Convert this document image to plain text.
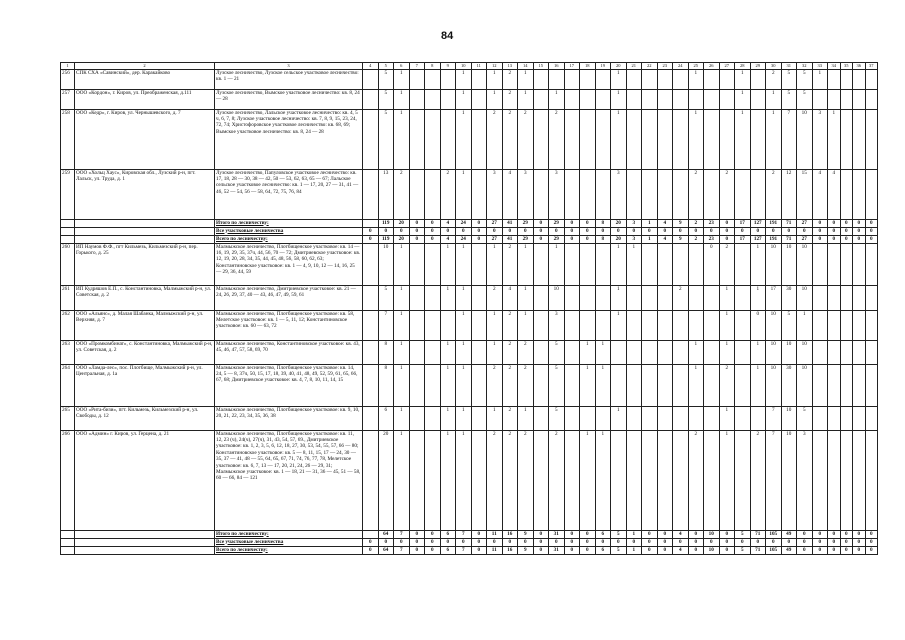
84
1	2	3	4	5	6	7	8	9	10	11	12	13	14	15	16	17	18	19	20	21	22	23	24	25	26	27	28	29	30	31	32	33	34	35	36	37	
256	СПК СХА «Савинский», дер. Каракайково	Лузское лесничество, Лузское сельское участковое лесничество: кв. 1 — 21		5	1				1		1	2	1						1					1			1		2	5	5	1						
257	ООО «Кордон», г. Киров, ул. Преображенская, д.111	Лузское лесничество, Вымское участковое лесничество: кв. 8, 24 — 28		5	1				1		1	2	1		1				1								1		1	5	5							
258	ООО «Кедр», г. Киров, ул. Чернышевского, д. 7	Лузское лесничество, Лальское участковое лесничество: кв. 4, 5 ч, 6, 7, 8; Лузское участковое лесничество: кв. 7, 8, 9, 15, 23, 24, 72, 74; Христофоровское участковое лесничество: кв. 68, 69; Вымское участковое лесничество: кв. 8, 24 — 28		5	1				1		2	2	2		2				1					1			1		1	7	10	3	1					
259	ООО «Хольц Хаус», Кировская обл., Лузский р-н, пгт. Лальск, ул. Труда, д. 1	Лузское лесничество, Папуловское участковое лесничество: кв. 17, 18, 28 — 30, 38 — 42, 50 — 53, 62, 63, 65 — 67; Лальское сельское участковое лесничество: кв. 1 — 17, 20, 27 — 31, 41 — 46, 52 — 54, 56 — 58, 64, 72, 75, 76, 84		13	2			2	1		3	4	3		3				3					2		2			2	12	15	4	4					
		Итого по лесничеству:		119	20	0	0	4	24	0	27	41	29	0	29	0	0	8	20	3	1	4	9	2	23	0	17	127	191	71	27	0	0	0	0	0	
		Все участковые лесничества	0	0	0	0	0	0	0	0	0	0	0	0	0	0	0	0	0	0	0	0	0	0	0	0	0	0	0	0	0	0	0	0	0	0	
		Всего по лесничеству:	0	119	20	0	0	4	24	0	27	41	29	0	29	0	0	8	20	3	1	4	9	2	23	0	17	127	191	71	27	0	0	0	0	0	
260	ИП Наумов Ф.Ф., пгт Кильмезь, Кильмезский р-н, пер. Горького, д. 25	Малмыжское лесничество, Плотбищенское участковое: кв. 14 — 16, 19, 29, 35, 37ч, 44, 56, 70 — 72; Дмитриевское участковое: кв. 12, 19, 20, 28, 34, 35, 44, 45, 48, 56, 58, 60, 62, 63; Константиновское участковое: кв. 1 — 4, 9, 10, 12 — 14, 16, 25 — 29, 36, 44, 59		10	1			1	1		1	2	1		1				1	1					0	2		1	10	10	10						
261	ИП Кудряшов Е.П., с. Константиновка, Малмыжский р-н, ул. Советская, д. 2	Малмыжское лесничество, Дмитриевское участковое: кв. 21 — 24, 26, 29, 37, 40 — 43, 46, 47, 49, 59, 61		5	1			1	1		2	4	1		10				1				2			1		1	17	30	10						
262	ООО «Альянс», д. Малая Шабанка, Малмыжский р-н, ул. Верхняя, д. 7	Малмыжское лесничество, Плотбищенское участковое: кв. 58, Мелетское участковое: кв. 1 — 5, 11, 12; Константиновское участковое: кв. 60 — 63, 72		7	1				1		1	2	1		3				1							1		0	10	5	1						
263	ООО «Промкомбинат», с. Константиновка, Малмыжский р-н, ул. Советская, д. 2	Малмыжское лесничество, Константиновское участковое: кв. 43, 45, 46, 47, 57, 58, 69, 70		8	1			1	1		1	2	2		5		1	1						1		1		1	10	10	10						
264	ООО «Ламда-лес», пос. Плотбище, Малмыжский р-н, ул. Центральная, д. 1а	Малмыжское лесничество, Плотбищенское участковое: кв. 14, 24, 5 — 8, 37ч, 50, 15, 17, 18, 39, 40, 41, 48, 49, 52, 59, 61, 65, 66, 67, 68; Дмитриевское участковое: кв. 4, 7, 8, 10, 11, 14, 15		8	1			1	1		2	2	2		5		1	1						1		2		1	10	30	10						
265	ООО «Рита-бизи», пгт. Кильмезь, Кильмезский р-н, ул. Свободы, д. 12	Малмыжское лесничество, Плотбищенское участковое: кв. 9, 10, 20, 21, 22, 23, 34, 35, 36, 38		6	1			1	1		1	2	1		5				1							1			7	10	5						
266	ООО «Админ» г. Киров, ул. Герцена, д. 21	Малмыжское лесничество, Плотбищенское участковое: кв. 11, 12, 23 (ч), 24(ч), 27(ч), 31, 43, 54, 57, 69., Дмитриевское участковое: кв. 1, 2, 3, 5, 6, 12, 18, 27, 30, 53, 54, 55, 57, 66 — 80; Константиновское участковое: кв. 5 — 8, 11, 15, 17 — 24, 30 — 35, 37 — 41, 48 — 55, 64, 65, 67, 71, 74, 76, 77, 78, Мелетское участковое: кв. 6, 7, 13 — 17, 20, 21, 24, 26 — 29, 31; Малмыжское участковое: кв. 1 — 18, 21 — 31, 36 — 45, 51 — 58, 60 — 66, 84 — 121		20	1			1	1		2	2	2		2		1	1						2		1		2	7	10	3						
		Итого по лесничеству:		64	7	0	0	6	7	0	11	16	9	0	31	0	0	6	5	1	0	0	4	0	10	0	5	71	105	49	0	0	0	0	0	0	
		Все участковые лесничества	0	0	0	0	0	0	0	0	0	0	0	0	0	0	0	0	0	0	0	0	0	0	0	0	0	0	0	0	0	0	0	0	0	0	
		Всего по лесничеству:	0	64	7	0	0	6	7	0	11	16	9	0	31	0	0	6	5	1	0	0	4	0	10	0	5	71	105	49	0	0	0	0	0	0	
